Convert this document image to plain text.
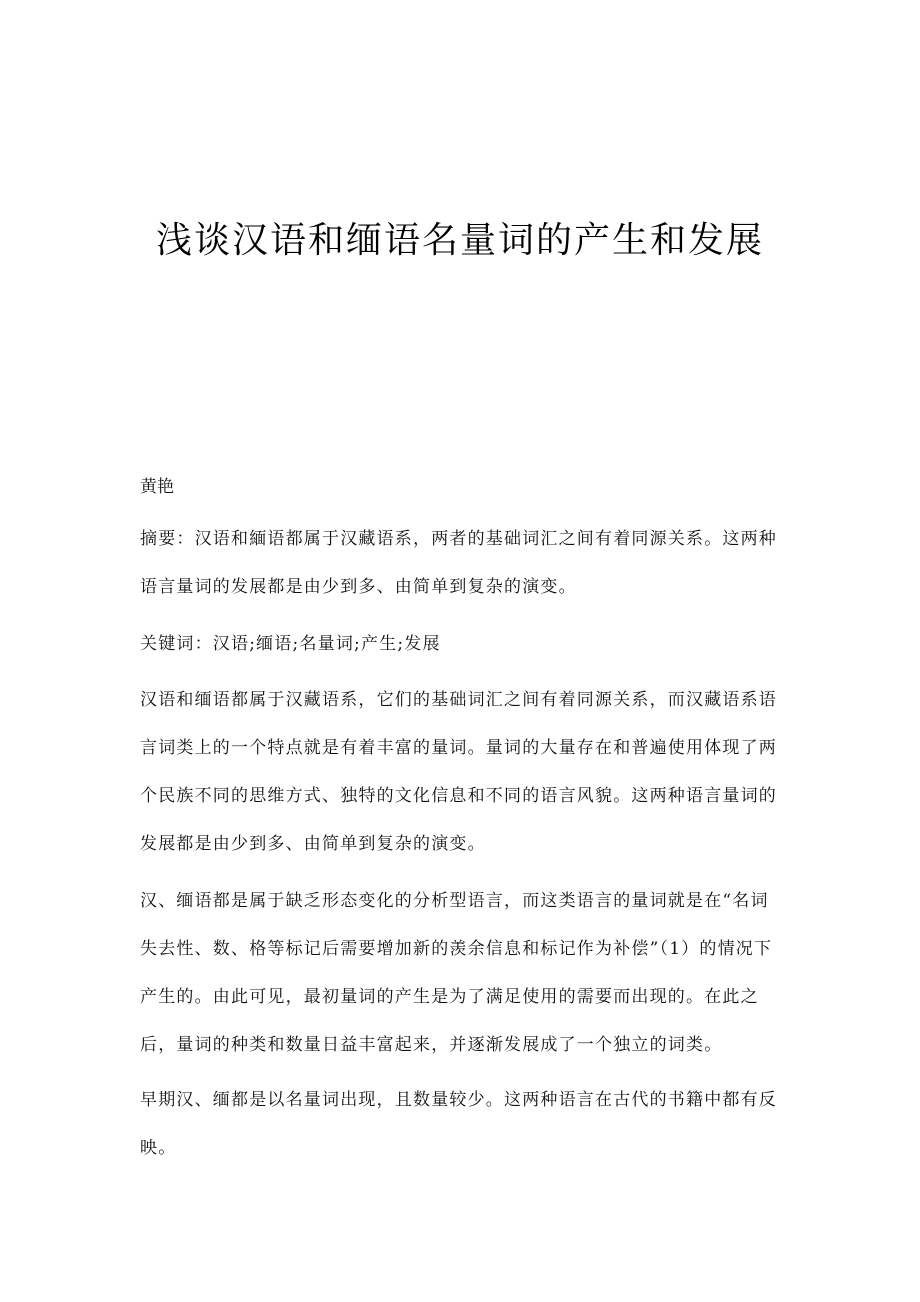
浅谈汉语和缅语名量词的产生和发展
黄艳

摘要：汉语和緬语都属于汉藏语系，两者的基础词汇之间有着同源关系。这两种语言量词的发展都是由少到多、由简单到复杂的演变。

关键词：汉语;缅语;名量词;产生;发展

汉语和缅语都属于汉藏语系，它们的基础词汇之间有着同源关系，而汉藏语系语言词类上的一个特点就是有着丰富的量词。量词的大量存在和普遍使用体现了两个民族不同的思维方式、独特的文化信息和不同的语言风貌。这两种语言量词的发展都是由少到多、由简单到复杂的演变。

汉、缅语都是属于缺乏形态变化的分析型语言，而这类语言的量词就是在“名词失去性、数、格等标记后需要增加新的羡余信息和标记作为补偿”（1）的情况下产生的。由此可见，最初量词的产生是为了满足使用的需要而出现的。在此之后，量词的种类和数量日益丰富起来，并逐渐发展成了一个独立的词类。

早期汉、缅都是以名量词出现，且数量较少。这两种语言在古代的书籍中都有反映。
